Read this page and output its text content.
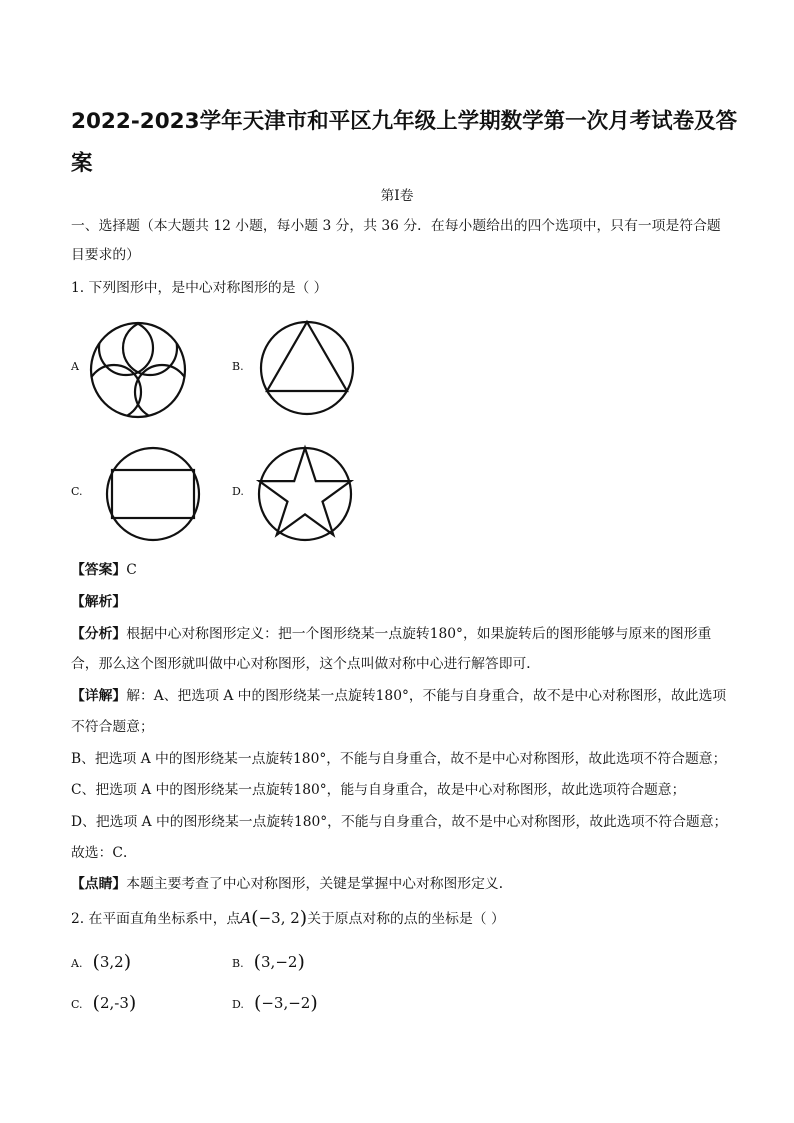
2022-2023学年天津市和平区九年级上学期数学第一次月考试卷及答
案
第I卷
一、选择题（本大题共 12 小题，每小题 3 分，共 36 分．在每小题给出的四个选项中，只有一项是符合题
目要求的）
1. 下列图形中，是中心对称图形的是（ ）
A	B.
C.	D.
【答案】C
【解析】
【分析】根据中心对称图形定义：把一个图形绕某一点旋转180°，如果旋转后的图形能够与原来的图形重
合，那么这个图形就叫做中心对称图形，这个点叫做对称中心进行解答即可．
【详解】解：A、把选项 A 中的图形绕某一点旋转180°，不能与自身重合，故不是中心对称图形，故此选项
不符合题意；
B、把选项 A 中的图形绕某一点旋转180°，不能与自身重合，故不是中心对称图形，故此选项不符合题意；
C、把选项 A 中的图形绕某一点旋转180°，能与自身重合，故是中心对称图形，故此选项符合题意；
D、把选项 A 中的图形绕某一点旋转180°，不能与自身重合，故不是中心对称图形，故此选项不符合题意；
故选：C．
【点睛】本题主要考查了中心对称图形，关键是掌握中心对称图形定义．
2. 在平面直角坐标系中，点A(−3, 2)关于原点对称的点的坐标是（ ）
A. (3,2)	B. (3,−2)
C. (2,-3)	D. (−3,−2)
